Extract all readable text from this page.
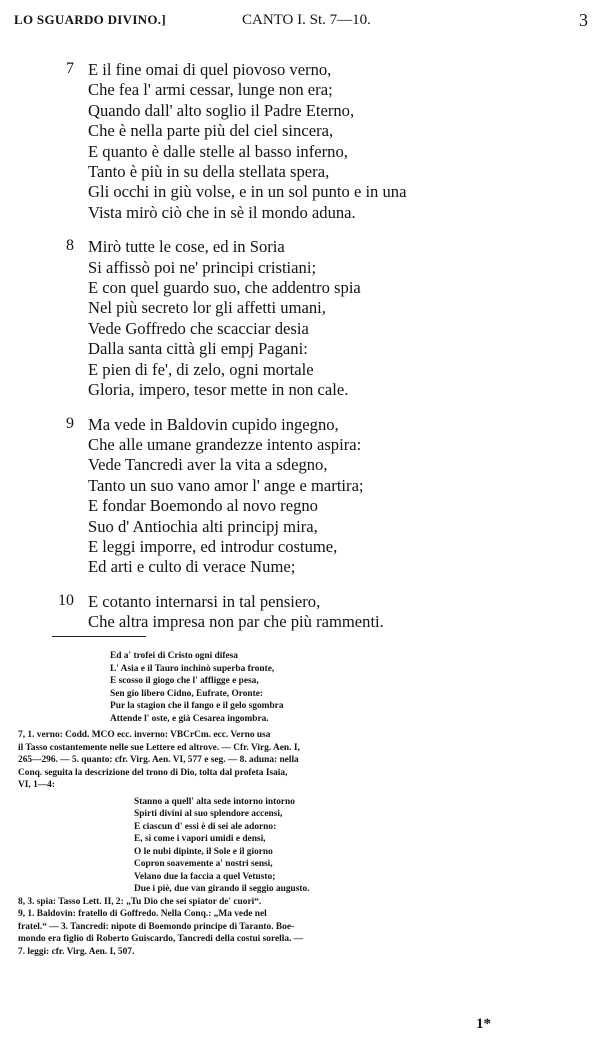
LO SGUARDO DIVINO.]	CANTO I. St. 7—10.	3
7 E il fine omai di quel piovoso verno,
Che fea l' armi cessar, lunge non era;
Quando dall' alto soglio il Padre Eterno,
Che è nella parte più del ciel sincera,
E quanto è dalle stelle al basso inferno,
Tanto è più in su della stellata spera,
Gli occhi in giù volse, e in un sol punto e in una
Vista mirò ciò che in sè il mondo aduna.
8 Mirò tutte le cose, ed in Soria
Si affissò poi ne' principi cristiani;
E con quel guardo suo, che addentro spia
Nel più secreto lor gli affetti umani,
Vede Goffredo che scacciar desia
Dalla santa città gli empj Pagani:
E pien di fe', di zelo, ogni mortale
Gloria, impero, tesor mette in non cale.
9 Ma vede in Baldovin cupido ingegno,
Che alle umane grandezze intento aspira:
Vede Tancredi aver la vita a sdegno,
Tanto un suo vano amor l' ange e martira;
E fondar Boemondo al novo regno
Suo d' Antiochia alti principj mira,
E leggi imporre, ed introdur costume,
Ed arti e culto di verace Nume;
10 E cotanto internarsi in tal pensiero,
Che altra impresa non par che più rammenti.
Ed a' trofei di Cristo ogni difesa
L' Asia e il Tauro inchinò superba fronte,
E scosso il giogo che l' affligge e pesa,
Sen gio libero Cidno, Eufrate, Oronte:
Pur la stagion che il fango e il gelo sgombra
Attende l' oste, e già Cesarea ingombra.
7, 1. verno: Codd. MCO ecc. inverno: VBCrCm. ecc. Verno usa
il Tasso costantemente nelle sue Lettere ed altrove. — Cfr. Virg. Aen. I,
265—296. — 5. quanto: cfr. Virg. Aen. VI, 577 e seg. — 8. aduna: nella
Conq. seguita la descrizione del trono di Dio, tolta dal profeta Isaia,
VI, 1—4:
Stanno a quell' alta sede intorno intorno
Spirti divini al suo splendore accensi,
E ciascun d' essi è di sei ale adorno:
E, sì come i vapori umidi e densi,
O le nubi dipinte, il Sole e il giorno
Copron soavemente a' nostri sensi,
Velano due la faccia a quel Vetusto;
Due i piè, due van girando il seggio augusto.
8, 3. spia: Tasso Lett. II, 2: „Tu Dio che sei spiator de' cuori“.
9, 1. Baldovin: fratello di Goffredo. Nella Conq.: „Ma vede nel
fratel.“ — 3. Tancredi: nipote di Boemondo principe di Taranto. Boe-
mondo era figlio di Roberto Guiscardo, Tancredi della costui sorella. —
7. leggi: cfr. Virg. Aen. I, 507.
1*
